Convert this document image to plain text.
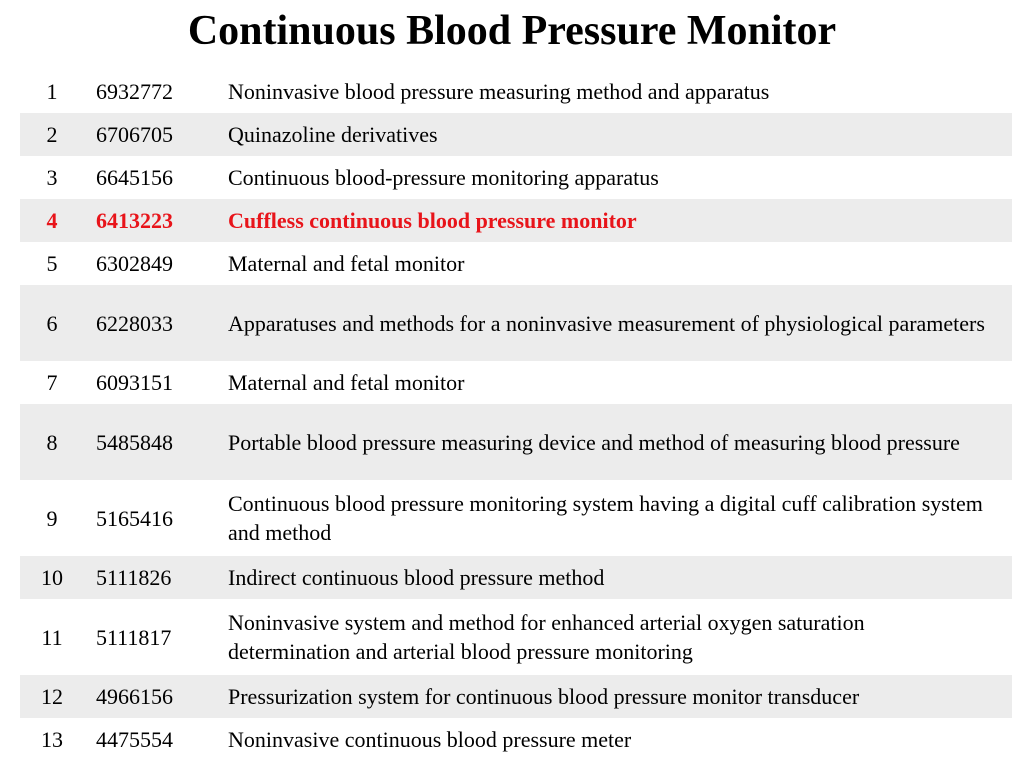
Continuous Blood Pressure Monitor
1	6932772	Noninvasive blood pressure measuring method and apparatus
2	6706705	Quinazoline derivatives
3	6645156	Continuous blood-pressure monitoring apparatus
4	6413223	Cuffless continuous blood pressure monitor
5	6302849	Maternal and fetal monitor
6	6228033	Apparatuses and methods for a noninvasive measurement of physiological parameters
7	6093151	Maternal and fetal monitor
8	5485848	Portable blood pressure measuring device and method of measuring blood pressure
9	5165416	Continuous blood pressure monitoring system having a digital cuff calibration system and method
10	5111826	Indirect continuous blood pressure method
11	5111817	Noninvasive system and method for enhanced arterial oxygen saturation determination and arterial blood pressure monitoring
12	4966156	Pressurization system for continuous blood pressure monitor transducer
13	4475554	Noninvasive continuous blood pressure meter
